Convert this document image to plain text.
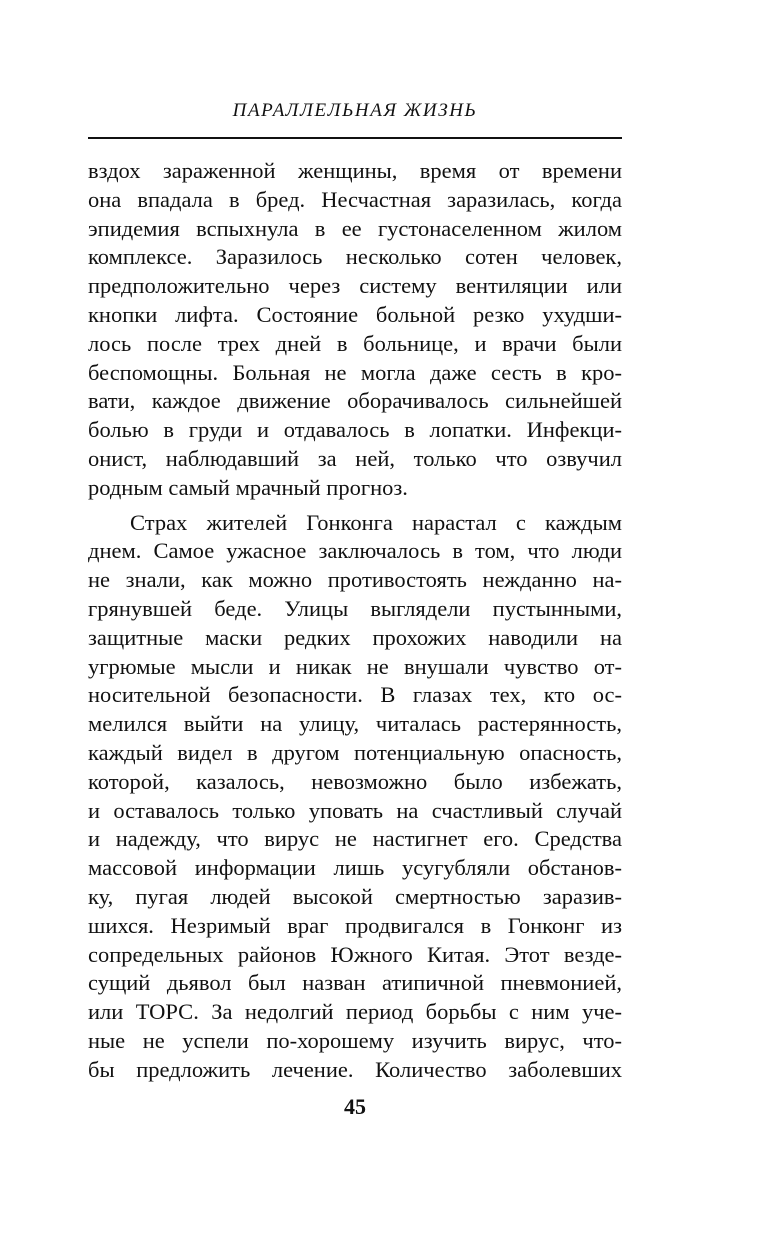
ПАРАЛЛЕЛЬНАЯ ЖИЗНЬ
вздох зараженной женщины, время от времени
она впадала в бред. Несчастная заразилась, когда
эпидемия вспыхнула в ее густонаселенном жилом
комплексе. Заразилось несколько сотен человек,
предположительно через систему вентиляции или
кнопки лифта. Состояние больной резко ухудши-
лось после трех дней в больнице, и врачи были
беспомощны. Больная не могла даже сесть в кро-
вати, каждое движение оборачивалось сильнейшей
болью в груди и отдавалось в лопатки. Инфекци-
онист, наблюдавший за ней, только что озвучил
родным самый мрачный прогноз.
Страх жителей Гонконга нарастал с каждым
днем. Самое ужасное заключалось в том, что люди
не знали, как можно противостоять нежданно на-
грянувшей беде. Улицы выглядели пустынными,
защитные маски редких прохожих наводили на
угрюмые мысли и никак не внушали чувство от-
носительной безопасности. В глазах тех, кто ос-
мелился выйти на улицу, читалась растерянность,
каждый видел в другом потенциальную опасность,
которой, казалось, невозможно было избежать,
и оставалось только уповать на счастливый случай
и надежду, что вирус не настигнет его. Средства
массовой информации лишь усугубляли обстанов-
ку, пугая людей высокой смертностью заразив-
шихся. Незримый враг продвигался в Гонконг из
сопредельных районов Южного Китая. Этот везде-
сущий дьявол был назван атипичной пневмонией,
или ТОРС. За недолгий период борьбы с ним уче-
ные не успели по-хорошему изучить вирус, что-
бы предложить лечение. Количество заболевших
45
